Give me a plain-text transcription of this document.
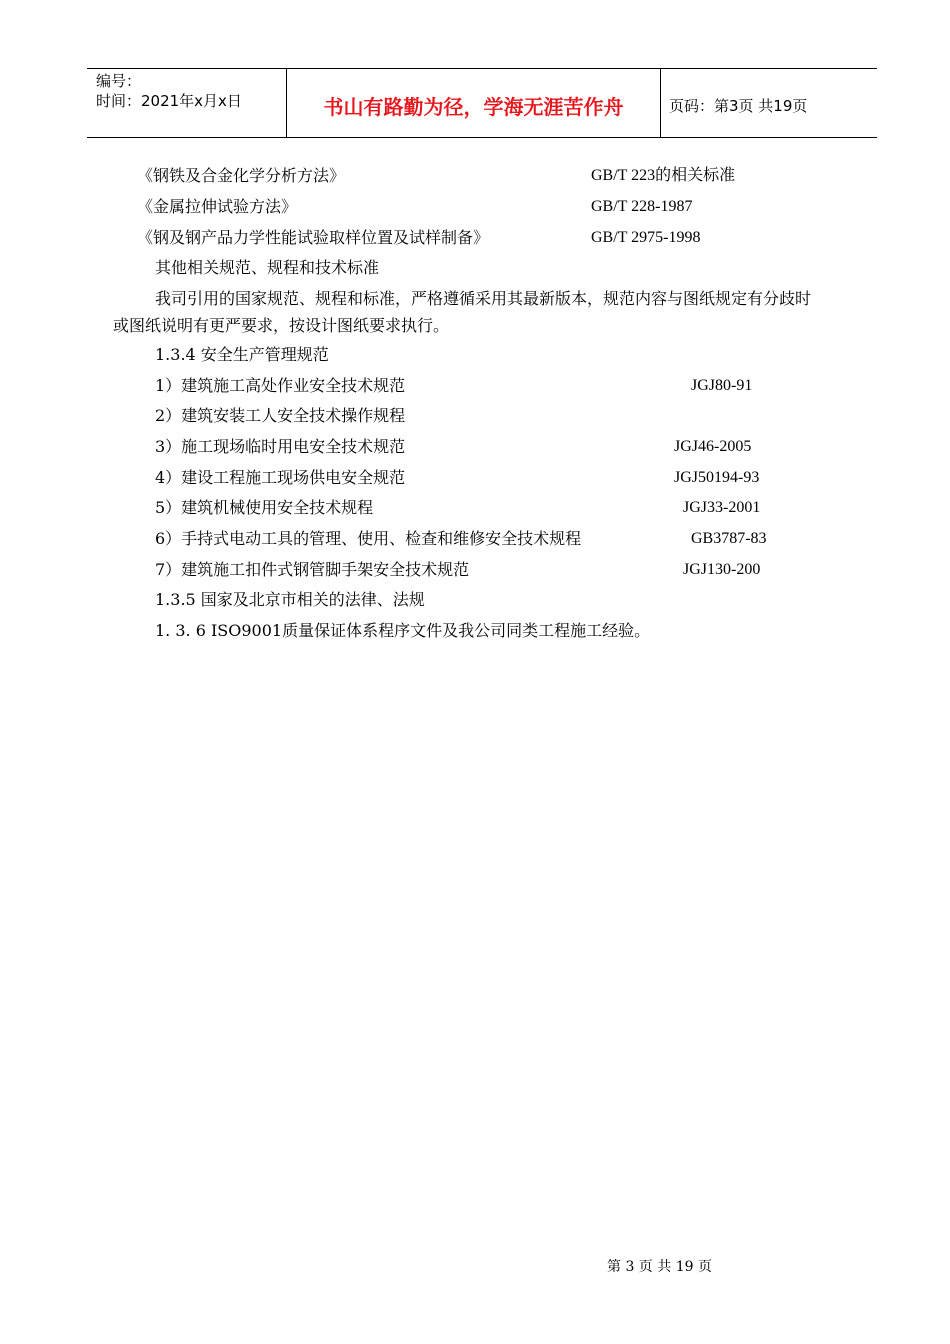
编号：
时间：2021年x月x日	书山有路勤为径，学海无涯苦作舟	页码：第3页 共19页
《钢铁及合金化学分析方法》	GB/T 223的相关标准
《金属拉伸试验方法》	GB/T 228-1987
《钢及钢产品力学性能试验取样位置及试样制备》	GB/T 2975-1998
其他相关规范、规程和技术标准
我司引用的国家规范、规程和标准，严格遵循采用其最新版本，规范内容与图纸规定有分歧时
或图纸说明有更严要求，按设计图纸要求执行。
1.3.4 安全生产管理规范
1）建筑施工高处作业安全技术规范	JGJ80-91
2）建筑安装工人安全技术操作规程
3）施工现场临时用电安全技术规范	JGJ46-2005
4）建设工程施工现场供电安全规范	JGJ50194-93
5）建筑机械使用安全技术规程	JGJ33-2001
6）手持式电动工具的管理、使用、检查和维修安全技术规程	GB3787-83
7）建筑施工扣件式钢管脚手架安全技术规范	JGJ130-200
1.3.5 国家及北京市相关的法律、法规
1. 3. 6 ISO9001质量保证体系程序文件及我公司同类工程施工经验。
第 3 页 共 19 页
